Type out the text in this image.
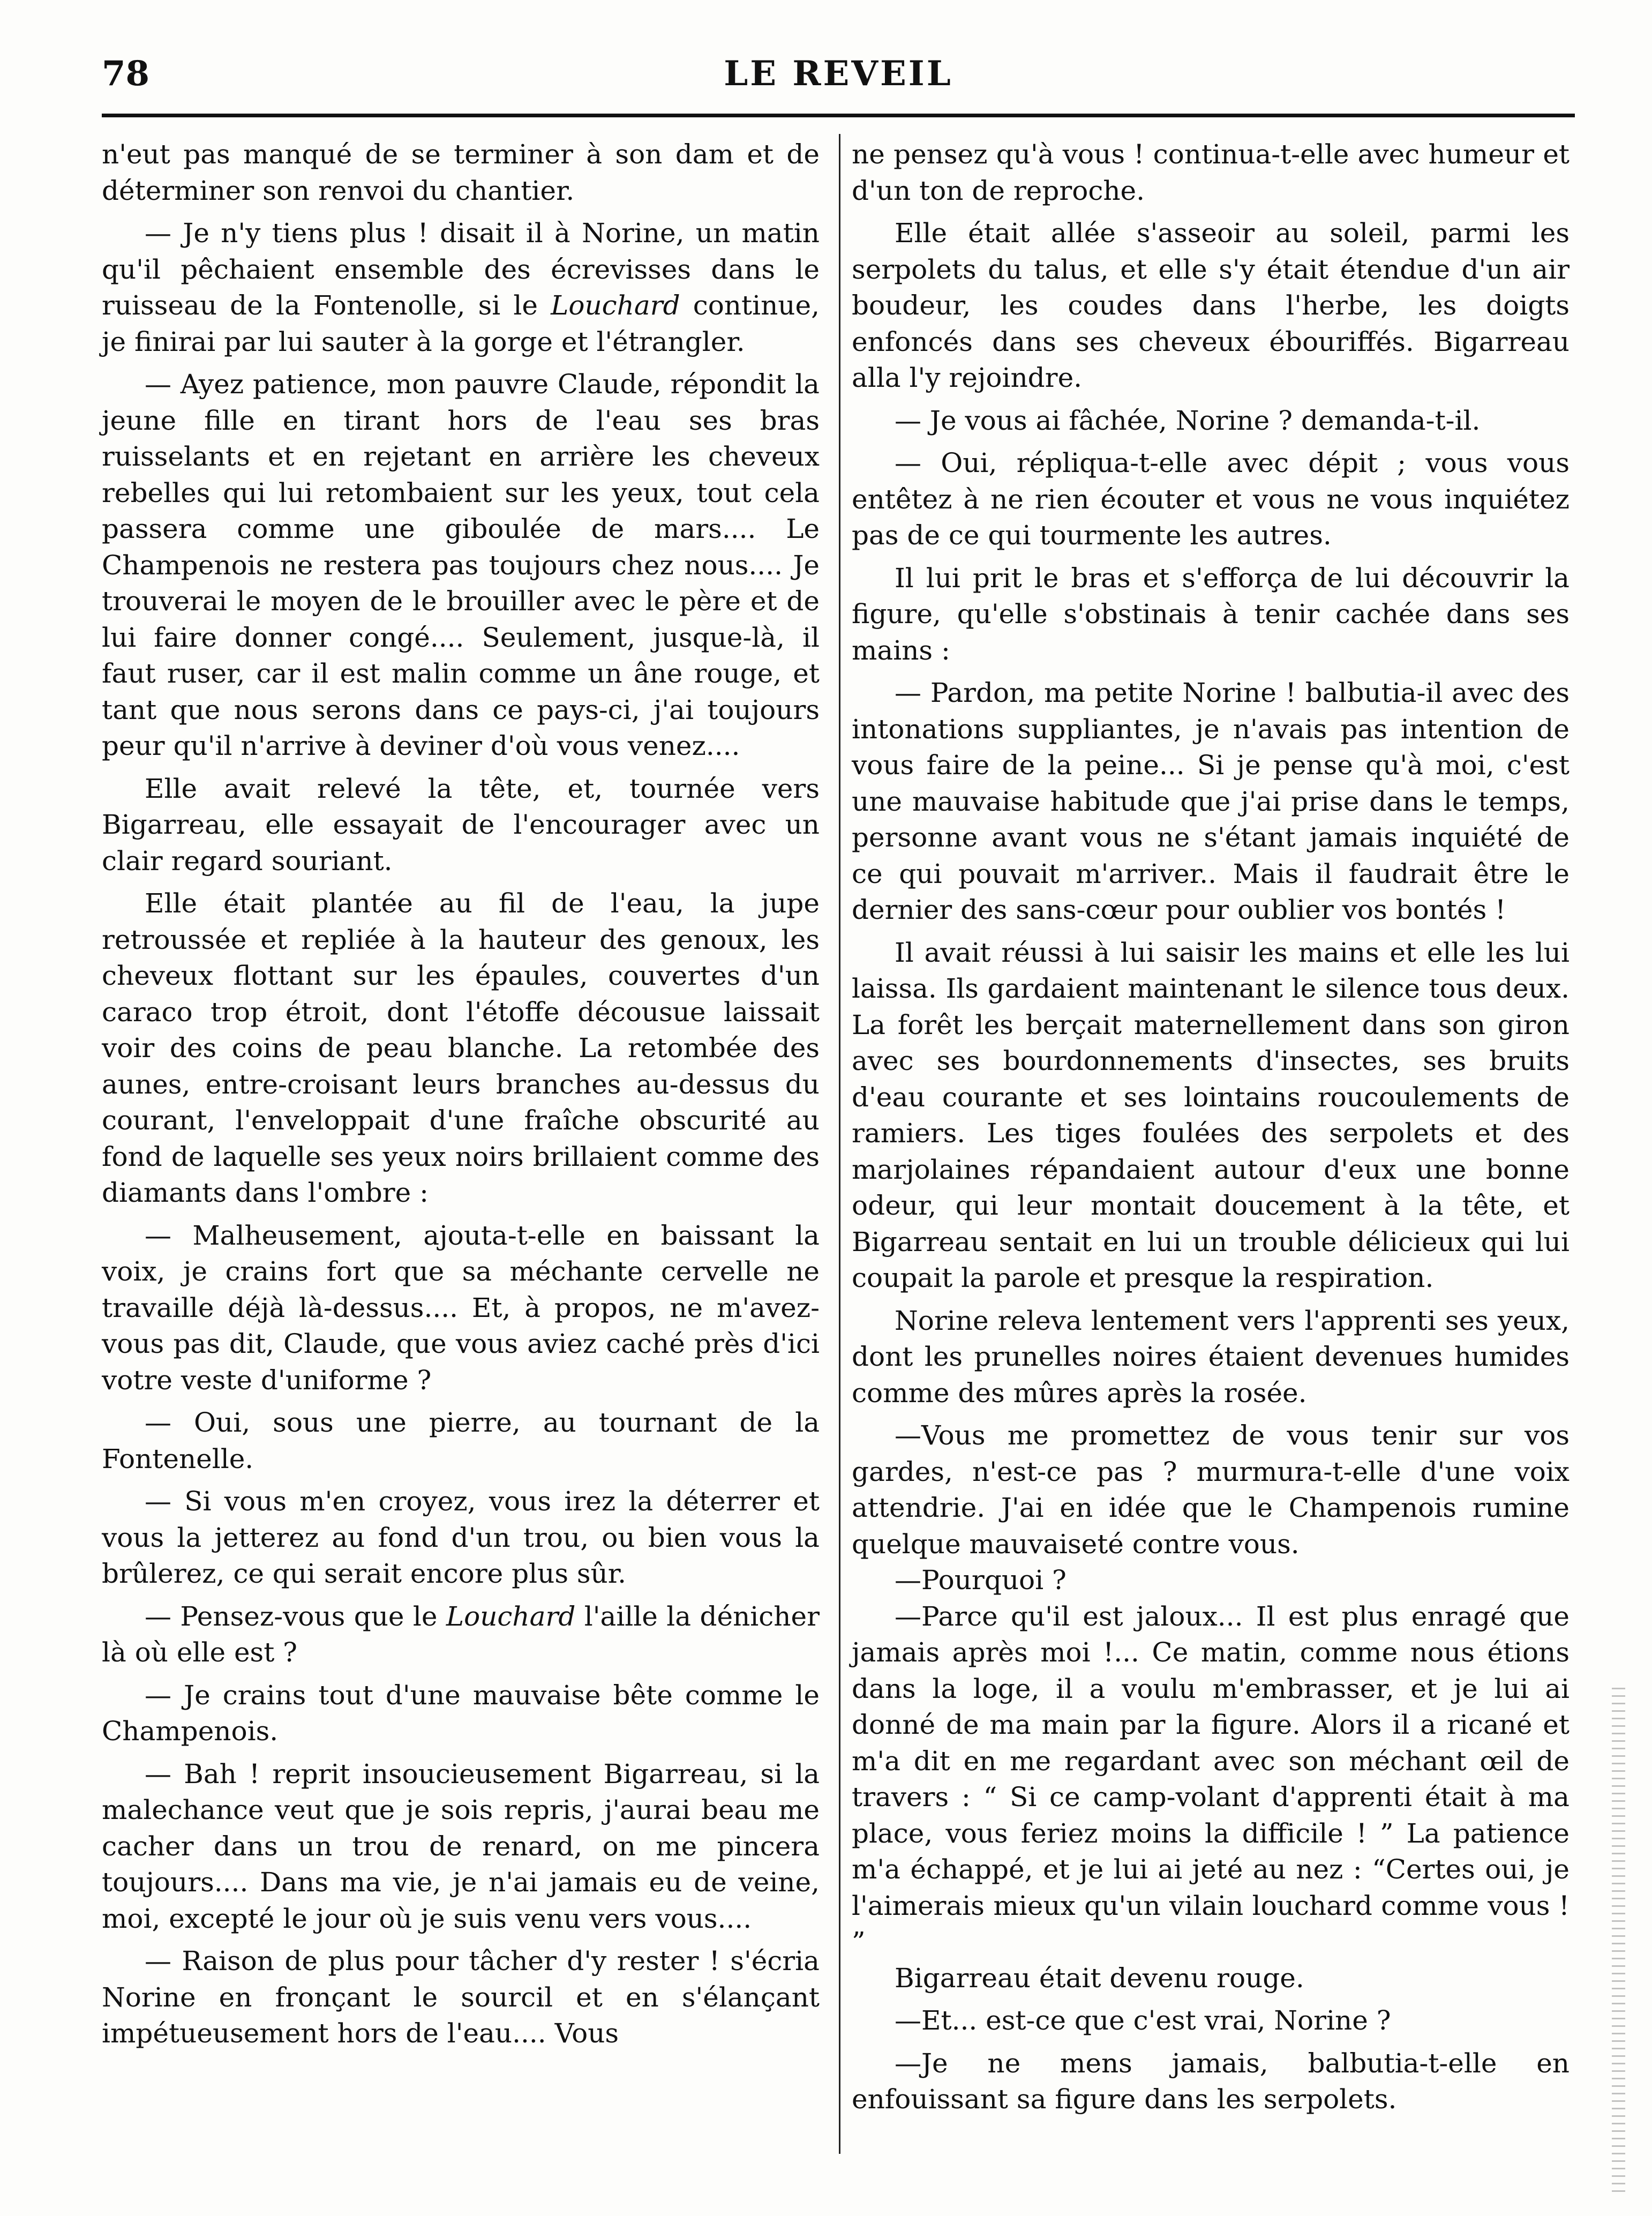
78	LE REVEIL

n'eut pas manqué de se terminer à son dam et de déterminer son renvoi du chantier.

— Je n'y tiens plus ! disait il à Norine, un matin qu'il pêchaient ensemble des écrevisses dans le ruisseau de la Fontenolle, si le Louchard continue, je finirai par lui sauter à la gorge et l'étrangler.

— Ayez patience, mon pauvre Claude, répondit la jeune fille en tirant hors de l'eau ses bras ruisselants et en rejetant en arrière les cheveux rebelles qui lui retombaient sur les yeux, tout cela passera comme une giboulée de mars.... Le Champenois ne restera pas toujours chez nous.... Je trouverai le moyen de le brouiller avec le père et de lui faire donner congé.... Seulement, jusque-là, il faut ruser, car il est malin comme un âne rouge, et tant que nous serons dans ce pays-ci, j'ai toujours peur qu'il n'arrive à deviner d'où vous venez....

Elle avait relevé la tête, et, tournée vers Bigarreau, elle essayait de l'encourager avec un clair regard souriant.

Elle était plantée au fil de l'eau, la jupe retroussée et repliée à la hauteur des genoux, les cheveux flottant sur les épaules, couvertes d'un caraco trop étroit, dont l'étoffe décousue laissait voir des coins de peau blanche. La retombée des aunes, entre-croisant leurs branches au-dessus du courant, l'enveloppait d'une fraîche obscurité au fond de laquelle ses yeux noirs brillaient comme des diamants dans l'ombre :

— Malheusement, ajouta-t-elle en baissant la voix, je crains fort que sa méchante cervelle ne travaille déjà là-dessus.... Et, à propos, ne m'avez-vous pas dit, Claude, que vous aviez caché près d'ici votre veste d'uniforme ?

— Oui, sous une pierre, au tournant de la Fontenelle.

— Si vous m'en croyez, vous irez la déterrer et vous la jetterez au fond d'un trou, ou bien vous la brûlerez, ce qui serait encore plus sûr.

— Pensez-vous que le Louchard l'aille la dénicher là où elle est ?

— Je crains tout d'une mauvaise bête comme le Champenois.

— Bah ! reprit insoucieusement Bigarreau, si la malechance veut que je sois repris, j'aurai beau me cacher dans un trou de renard, on me pincera toujours.... Dans ma vie, je n'ai jamais eu de veine, moi, excepté le jour où je suis venu vers vous....

— Raison de plus pour tâcher d'y rester ! s'écria Norine en fronçant le sourcil et en s'élançant impétueusement hors de l'eau.... Vous

ne pensez qu'à vous ! continua-t-elle avec humeur et d'un ton de reproche.

Elle était allée s'asseoir au soleil, parmi les serpolets du talus, et elle s'y était étendue d'un air boudeur, les coudes dans l'herbe, les doigts enfoncés dans ses cheveux ébouriffés. Bigarreau alla l'y rejoindre.

— Je vous ai fâchée, Norine ? demanda-t-il.

— Oui, répliqua-t-elle avec dépit ; vous vous entêtez à ne rien écouter et vous ne vous inquiétez pas de ce qui tourmente les autres.

Il lui prit le bras et s'efforça de lui découvrir la figure, qu'elle s'obstinais à tenir cachée dans ses mains :

— Pardon, ma petite Norine ! balbutia-il avec des intonations suppliantes, je n'avais pas intention de vous faire de la peine... Si je pense qu'à moi, c'est une mauvaise habitude que j'ai prise dans le temps, personne avant vous ne s'étant jamais inquiété de ce qui pouvait m'arriver.. Mais il faudrait être le dernier des sans-cœur pour oublier vos bontés !

Il avait réussi à lui saisir les mains et elle les lui laissa. Ils gardaient maintenant le silence tous deux. La forêt les berçait maternellement dans son giron avec ses bourdonnements d'insectes, ses bruits d'eau courante et ses lointains roucoulements de ramiers. Les tiges foulées des serpolets et des marjolaines répandaient autour d'eux une bonne odeur, qui leur montait doucement à la tête, et Bigarreau sentait en lui un trouble délicieux qui lui coupait la parole et presque la respiration.

Norine releva lentement vers l'apprenti ses yeux, dont les prunelles noires étaient devenues humides comme des mûres après la rosée.

—Vous me promettez de vous tenir sur vos gardes, n'est-ce pas ? murmura-t-elle d'une voix attendrie. J'ai en idée que le Champenois rumine quelque mauvaiseté contre vous.

—Pourquoi ?

—Parce qu'il est jaloux... Il est plus enragé que jamais après moi !... Ce matin, comme nous étions dans la loge, il a voulu m'embrasser, et je lui ai donné de ma main par la figure. Alors il a ricané et m'a dit en me regardant avec son méchant œil de travers : “ Si ce camp-volant d'apprenti était à ma place, vous feriez moins la difficile ! ” La patience m'a échappé, et je lui ai jeté au nez : “Certes oui, je l'aimerais mieux qu'un vilain louchard comme vous ! ”

Bigarreau était devenu rouge.

—Et... est-ce que c'est vrai, Norine ?

—Je ne mens jamais, balbutia-t-elle en enfouissant sa figure dans les serpolets.
